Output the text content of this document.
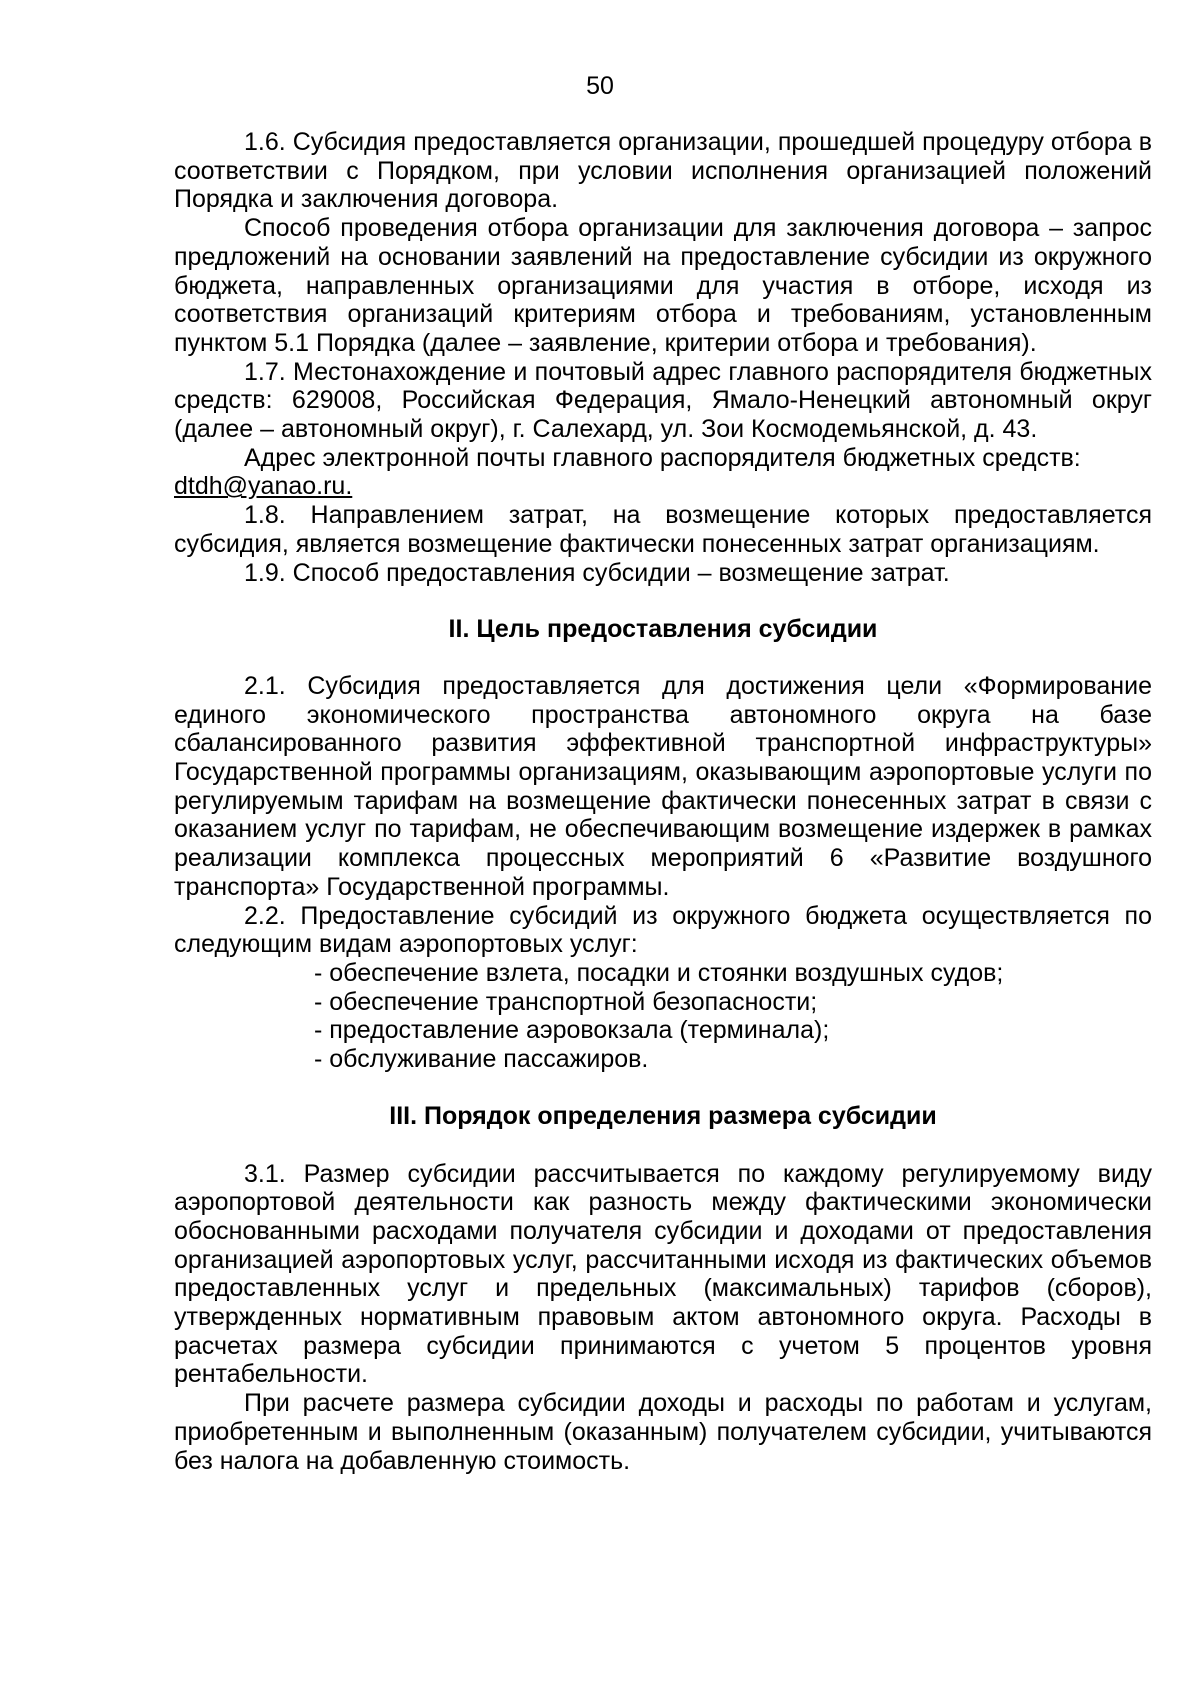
50

1.6. Субсидия предоставляется организации, прошедшей процедуру отбора в соответствии с Порядком, при условии исполнения организацией положений Порядка и заключения договора.

Способ проведения отбора организации для заключения договора – запрос предложений на основании заявлений на предоставление субсидии из окружного бюджета, направленных организациями для участия в отборе, исходя из соответствия организаций критериям отбора и требованиям, установленным пунктом 5.1 Порядка (далее – заявление, критерии отбора и требования).

1.7. Местонахождение и почтовый адрес главного распорядителя бюджетных средств: 629008, Российская Федерация, Ямало-Ненецкий автономный округ (далее – автономный округ), г. Салехард, ул. Зои Космодемьянской, д. 43.

Адрес электронной почты главного распорядителя бюджетных средств:

dtdh@yanao.ru.

1.8. Направлением затрат, на возмещение которых предоставляется субсидия, является возмещение фактически понесенных затрат организациям.

1.9. Способ предоставления субсидии – возмещение затрат.

II. Цель предоставления субсидии

2.1. Субсидия предоставляется для достижения цели «Формирование единого экономического пространства автономного округа на базе сбалансированного развития эффективной транспортной инфраструктуры» Государственной программы организациям, оказывающим аэропортовые услуги по регулируемым тарифам на возмещение фактически понесенных затрат в связи с оказанием услуг по тарифам, не обеспечивающим возмещение издержек в рамках реализации комплекса процессных мероприятий 6 «Развитие воздушного транспорта» Государственной программы.

2.2. Предоставление субсидий из окружного бюджета осуществляется по следующим видам аэропортовых услуг:

- обеспечение взлета, посадки и стоянки воздушных судов;

- обеспечение транспортной безопасности;

- предоставление аэровокзала (терминала);

- обслуживание пассажиров.

III. Порядок определения размера субсидии

3.1. Размер субсидии рассчитывается по каждому регулируемому виду аэропортовой деятельности как разность между фактическими экономически обоснованными расходами получателя субсидии и доходами от предоставления организацией аэропортовых услуг, рассчитанными исходя из фактических объемов предоставленных услуг и предельных (максимальных) тарифов (сборов), утвержденных нормативным правовым актом автономного округа. Расходы в расчетах размера субсидии принимаются с учетом 5 процентов уровня рентабельности.

При расчете размера субсидии доходы и расходы по работам и услугам, приобретенным и выполненным (оказанным) получателем субсидии, учитываются без налога на добавленную стоимость.
